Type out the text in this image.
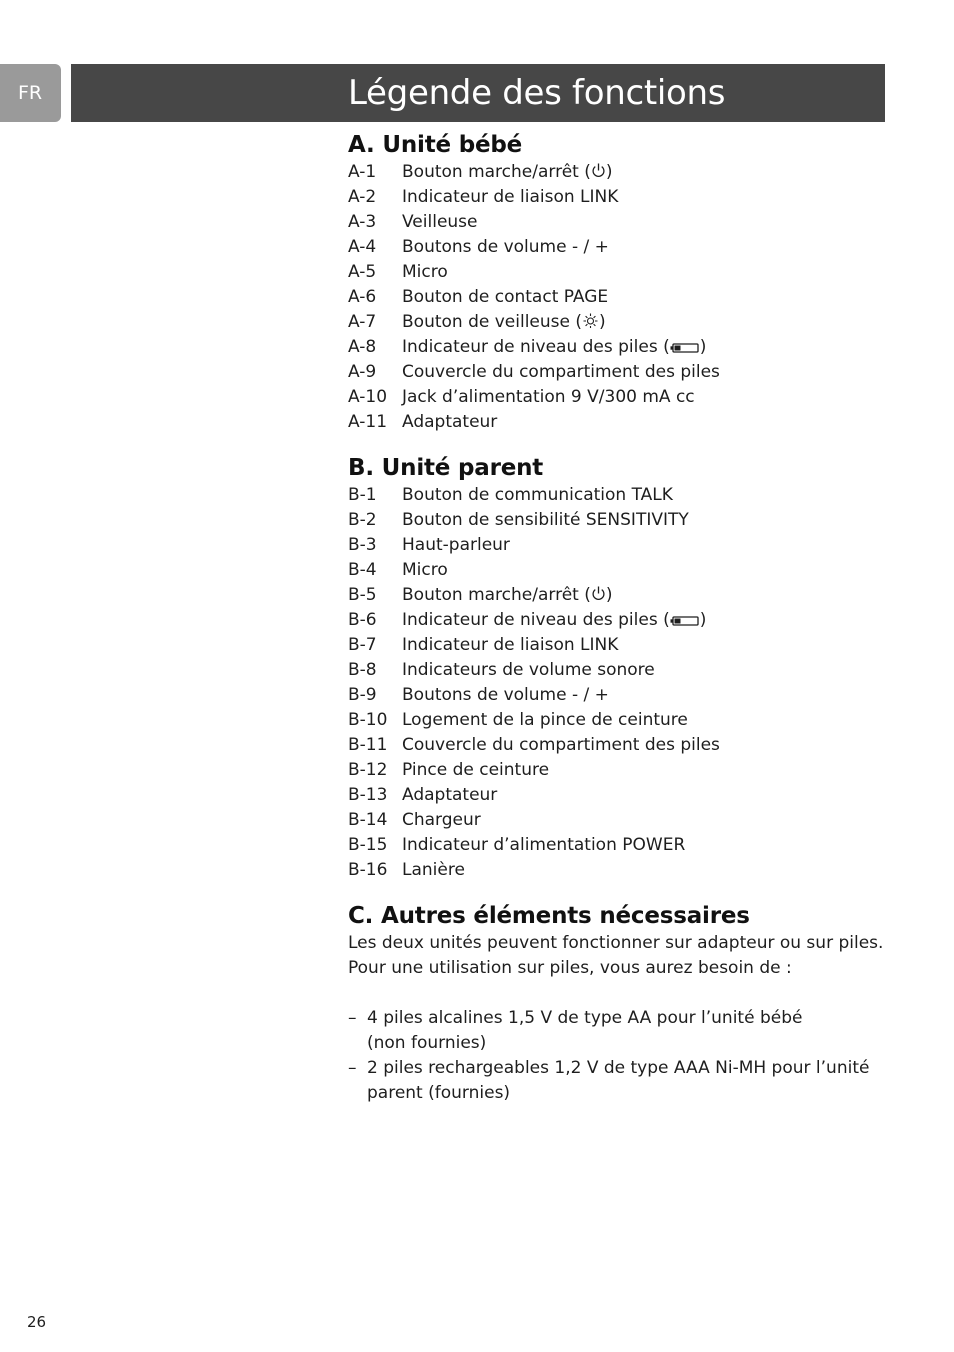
FR	Légende des fonctions
A. Unité bébé
A-1 Bouton marche/arrêt ( )
A-2 Indicateur de liaison LINK
A-3 Veilleuse
A-4 Boutons de volume - / +
A-5 Micro
A-6 Bouton de contact PAGE
A-7 Bouton de veilleuse ( )
A-8 Indicateur de niveau des piles ( )
A-9 Couvercle du compartiment des piles
A-10 Jack d’alimentation 9 V/300 mA cc
A-11 Adaptateur
B. Unité parent
B-1 Bouton de communication TALK
B-2 Bouton de sensibilité SENSITIVITY
B-3 Haut-parleur
B-4 Micro
B-5 Bouton marche/arrêt ( )
B-6 Indicateur de niveau des piles ( )
B-7 Indicateur de liaison LINK
B-8 Indicateurs de volume sonore
B-9 Boutons de volume - / +
B-10 Logement de la pince de ceinture
B-11 Couvercle du compartiment des piles
B-12 Pince de ceinture
B-13 Adaptateur
B-14 Chargeur
B-15 Indicateur d’alimentation POWER
B-16 Lanière
C. Autres éléments nécessaires

Les deux unités peuvent fonctionner sur adapteur ou sur piles.
Pour une utilisation sur piles, vous aurez besoin de :

– 4 piles alcalines 1,5 V de type AA pour l’unité bébé
(non fournies)
– 2 piles rechargeables 1,2 V de type AAA Ni-MH pour l’unité
parent (fournies)
26
